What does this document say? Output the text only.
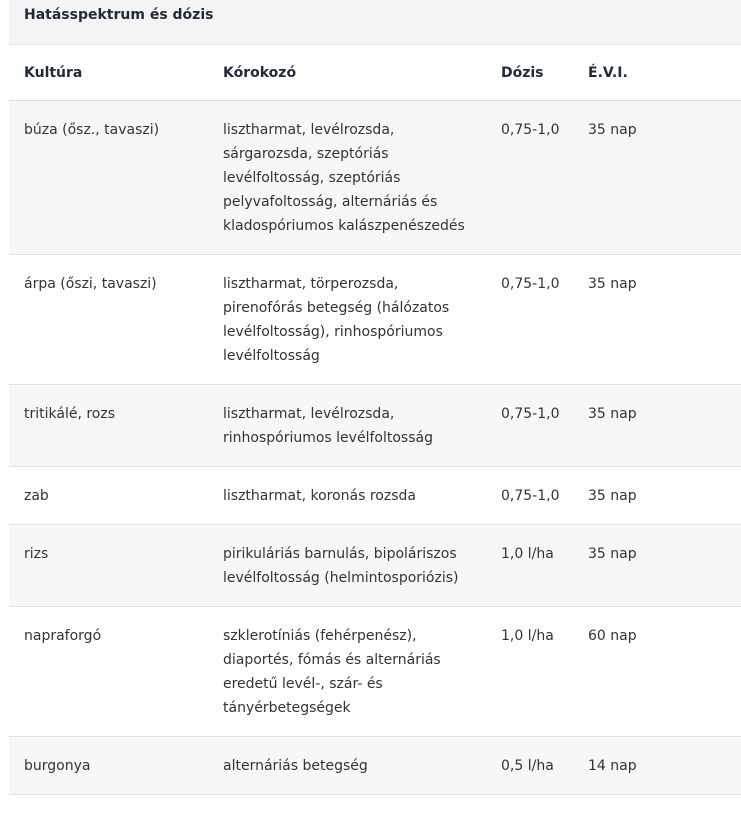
Hatásspektrum és dózis
Kultúra	Kórokozó	Dózis	É.V.I.
búza (ősz., tavaszi)	lisztharmat, levélrozsda, sárgarozsda, szeptóriás levélfoltosság, szeptóriás pelyvafoltosság, alternáriás és kladospóriumos kalászpenészedés	0,75-1,0	35 nap
árpa (őszi, tavaszi)	lisztharmat, törperozsda, pirenofórás betegség (hálózatos levélfoltosság), rinhospóriumos levélfoltosság	0,75-1,0	35 nap
tritikálé, rozs	lisztharmat, levélrozsda, rinhospóriumos levélfoltosság	0,75-1,0	35 nap
zab	lisztharmat, koronás rozsda	0,75-1,0	35 nap
rizs	pirikuláriás barnulás, bipoláriszos levélfoltosság (helmintosporiózis)	1,0 l/ha	35 nap
napraforgó	szklerotíniás (fehérpenész), diaportés, fómás és alternáriás eredetű levél-, szár- és tányérbetegségek	1,0 l/ha	60 nap
burgonya	alternáriás betegség	0,5 l/ha	14 nap
